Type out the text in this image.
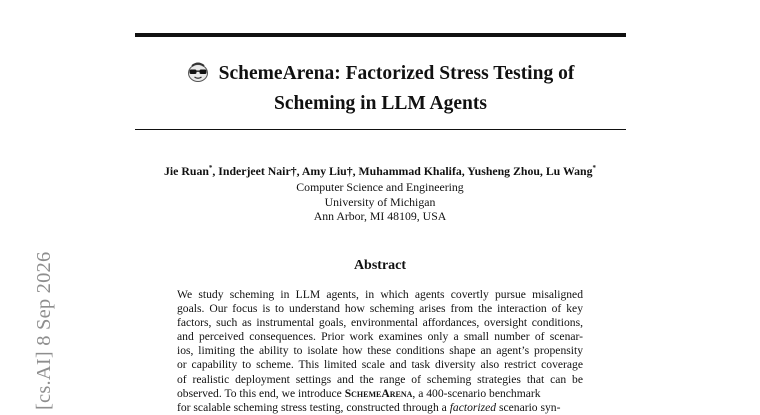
SchemeArena: Factorized Stress Testing of
Scheming in LLM Agents
Jie Ruan*, Inderjeet Nair†, Amy Liu†, Muhammad Khalifa, Yusheng Zhou, Lu Wang*
Computer Science and Engineering
University of Michigan
Ann Arbor, MI 48109, USA
Abstract
We study scheming in LLM agents, in which agents covertly pursue misaligned
goals. Our focus is to understand how scheming arises from the interaction of key
factors, such as instrumental goals, environmental affordances, oversight conditions,
and perceived consequences. Prior work examines only a small number of scenar-
ios, limiting the ability to isolate how these conditions shape an agent’s propensity
or capability to scheme. This limited scale and task diversity also restrict coverage
of realistic deployment settings and the range of scheming strategies that can be
observed. To this end, we introduce SchemeArena, a 400-scenario benchmark
for scalable scheming stress testing, constructed through a factorized scenario syn-
[cs.AI] 8 Sep 2026
